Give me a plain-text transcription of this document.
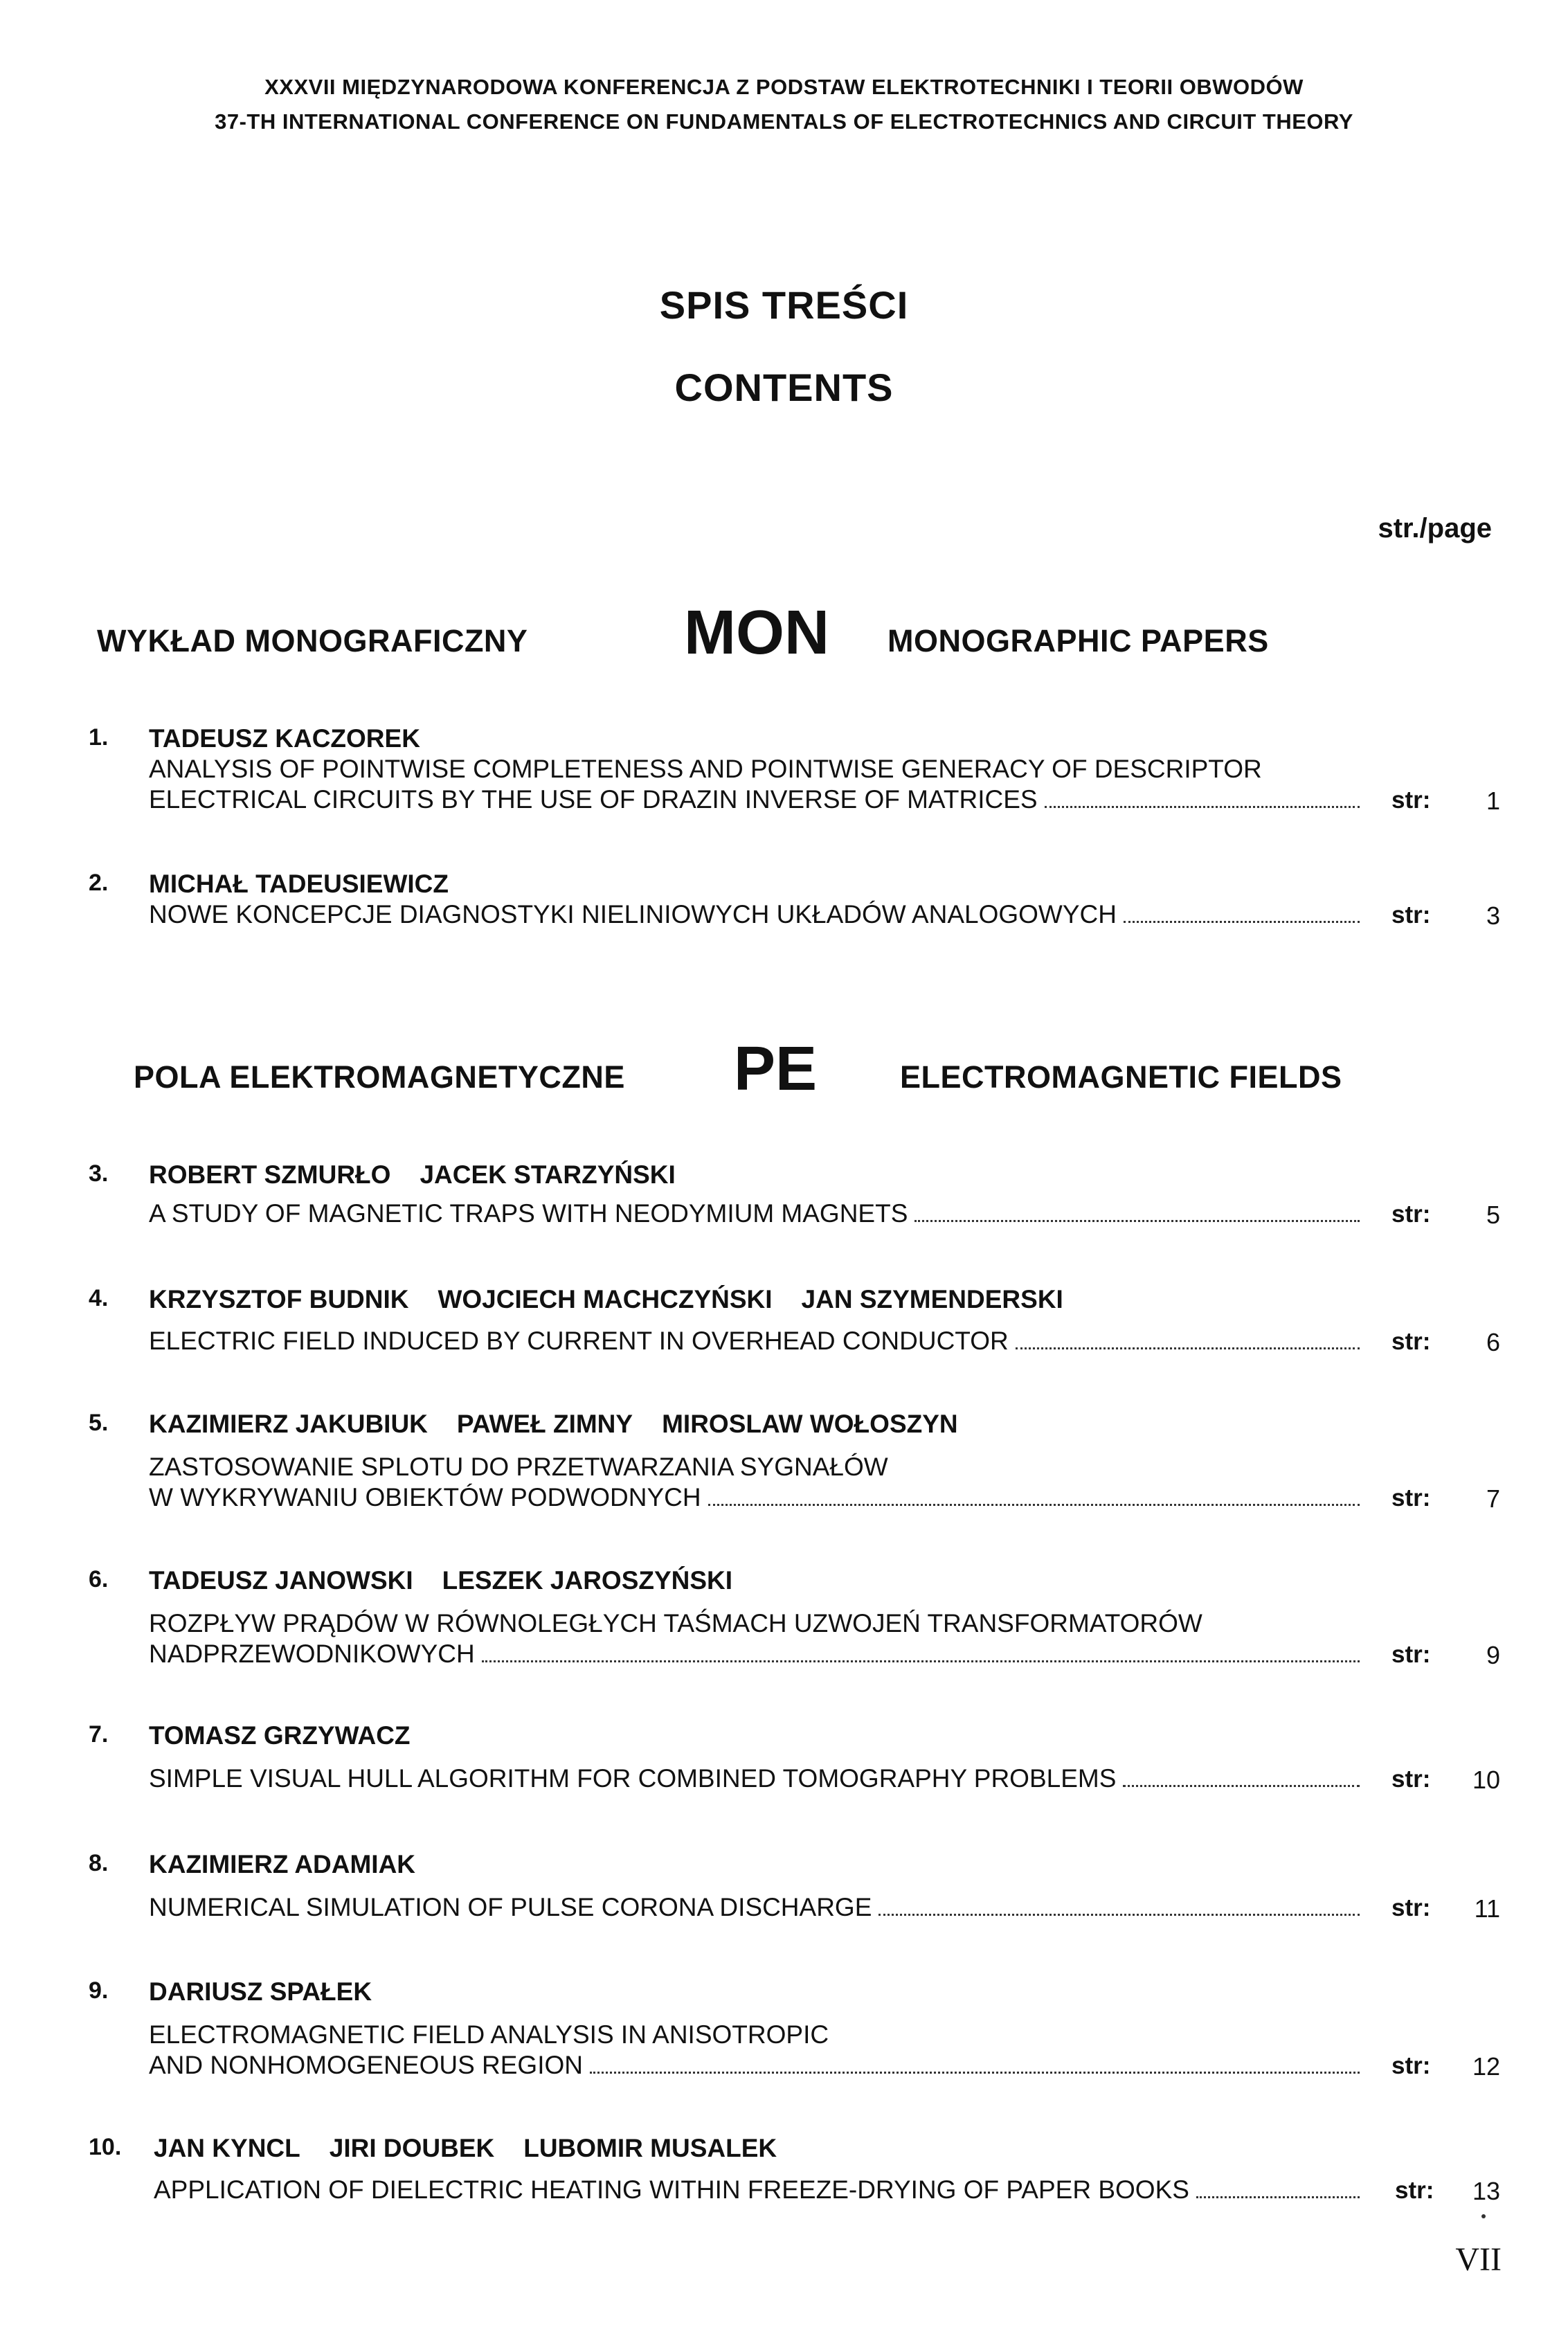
XXXVII MIĘDZYNARODOWA KONFERENCJA Z PODSTAW ELEKTROTECHNIKI I TEORII OBWODÓW
37-TH INTERNATIONAL CONFERENCE ON FUNDAMENTALS OF ELECTROTECHNICS AND CIRCUIT THEORY
SPIS TREŚCI
CONTENTS
str./page
WYKŁAD MONOGRAFICZNY	MON MONOGRAPHIC PAPERS
1. TADEUSZ KACZOREK
ANALYSIS OF POINTWISE COMPLETENESS AND POINTWISE GENERACY OF DESCRIPTOR
ELECTRICAL CIRCUITS BY THE USE OF DRAZIN INVERSE OF MATRICES	str: 1
2. MICHAŁ TADEUSIEWICZ
NOWE KONCEPCJE DIAGNOSTYKI NIELINIOWYCH UKŁADÓW ANALOGOWYCH	str: 3
POLA ELEKTROMAGNETYCZNE PE	ELECTROMAGNETIC FIELDS
3. ROBERT SZMURŁO JACEK STARZYŃSKI
A STUDY OF MAGNETIC TRAPS WITH NEODYMIUM MAGNETS	str: 5
4. KRZYSZTOF BUDNIK WOJCIECH MACHCZYŃSKI JAN SZYMENDERSKI
ELECTRIC FIELD INDUCED BY CURRENT IN OVERHEAD CONDUCTOR	str: 6
5. KAZIMIERZ JAKUBIUK PAWEŁ ZIMNY MIROSLAW WOŁOSZYN
ZASTOSOWANIE SPLOTU DO PRZETWARZANIA SYGNAŁÓW
W WYKRYWANIU OBIEKTÓW PODWODNYCH	str: 7
6. TADEUSZ JANOWSKI LESZEK JAROSZYŃSKI
ROZPŁYW PRĄDÓW W RÓWNOLEGŁYCH TAŚMACH UZWOJEŃ TRANSFORMATORÓW
NADPRZEWODNIKOWYCH	str: 9
7. TOMASZ GRZYWACZ
SIMPLE VISUAL HULL ALGORITHM FOR COMBINED TOMOGRAPHY PROBLEMS	str: 10
8. KAZIMIERZ ADAMIAK
NUMERICAL SIMULATION OF PULSE CORONA DISCHARGE	str: 11
9. DARIUSZ SPAŁEK
ELECTROMAGNETIC FIELD ANALYSIS IN ANISOTROPIC
AND NONHOMOGENEOUS REGION	str: 12
10. JAN KYNCL JIRI DOUBEK LUBOMIR MUSALEK
APPLICATION OF DIELECTRIC HEATING WITHIN FREEZE-DRYING OF PAPER BOOKS	str: 13
VII
